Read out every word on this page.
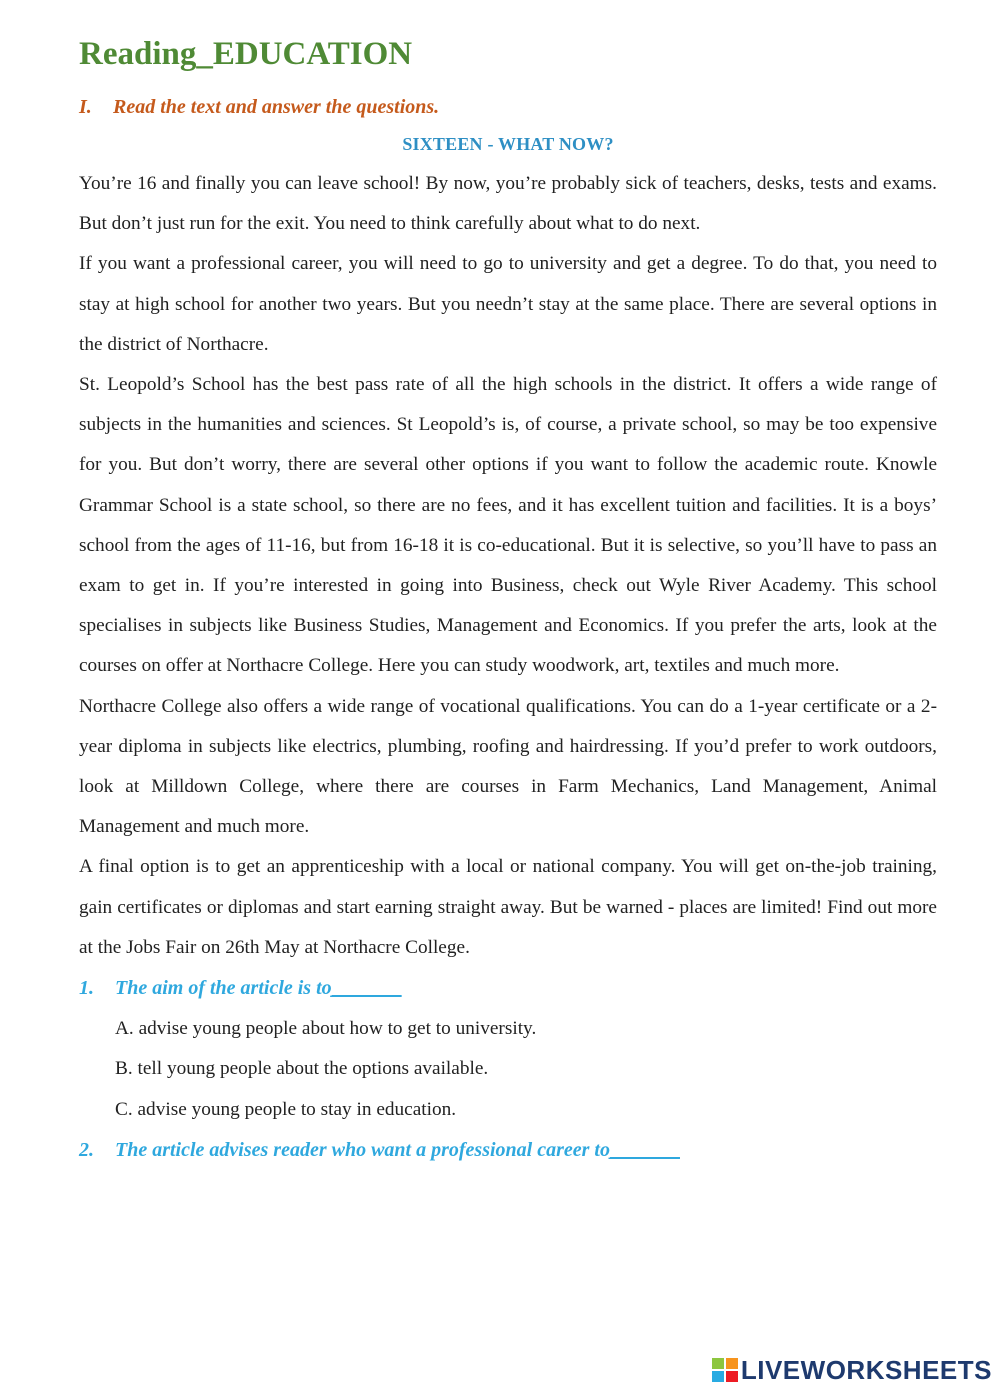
Reading_EDUCATION

I. Read the text and answer the questions.

SIXTEEN - WHAT NOW?

You’re 16 and finally you can leave school! By now, you’re probably sick of teachers, desks, tests and exams. But don’t just run for the exit. You need to think carefully about what to do next.

If you want a professional career, you will need to go to university and get a degree. To do that, you need to stay at high school for another two years. But you needn’t stay at the same place. There are several options in the district of Northacre.

St. Leopold’s School has the best pass rate of all the high schools in the district. It offers a wide range of subjects in the humanities and sciences. St Leopold’s is, of course, a private school, so may be too expensive for you. But don’t worry, there are several other options if you want to follow the academic route. Knowle Grammar School is a state school, so there are no fees, and it has excellent tuition and facilities. It is a boys’ school from the ages of 11-16, but from 16-18 it is co-educational. But it is selective, so you’ll have to pass an exam to get in. If you’re interested in going into Business, check out Wyle River Academy. This school specialises in subjects like Business Studies, Management and Economics. If you prefer the arts, look at the courses on offer at Northacre College. Here you can study woodwork, art, textiles and much more.

Northacre College also offers a wide range of vocational qualifications. You can do a 1-year certificate or a 2-year diploma in subjects like electrics, plumbing, roofing and hairdressing. If you’d prefer to work outdoors, look at Milldown College, where there are courses in Farm Mechanics, Land Management, Animal Management and much more.

A final option is to get an apprenticeship with a local or national company. You will get on-the-job training, gain certificates or diplomas and start earning straight away. But be warned - places are limited! Find out more at the Jobs Fair on 26th May at Northacre College.

1. The aim of the article is to_______

A. advise young people about how to get to university.

B. tell young people about the options available.

C. advise young people to stay in education.

2. The article advises reader who want a professional career to_______

LIVEWORKSHEETS
